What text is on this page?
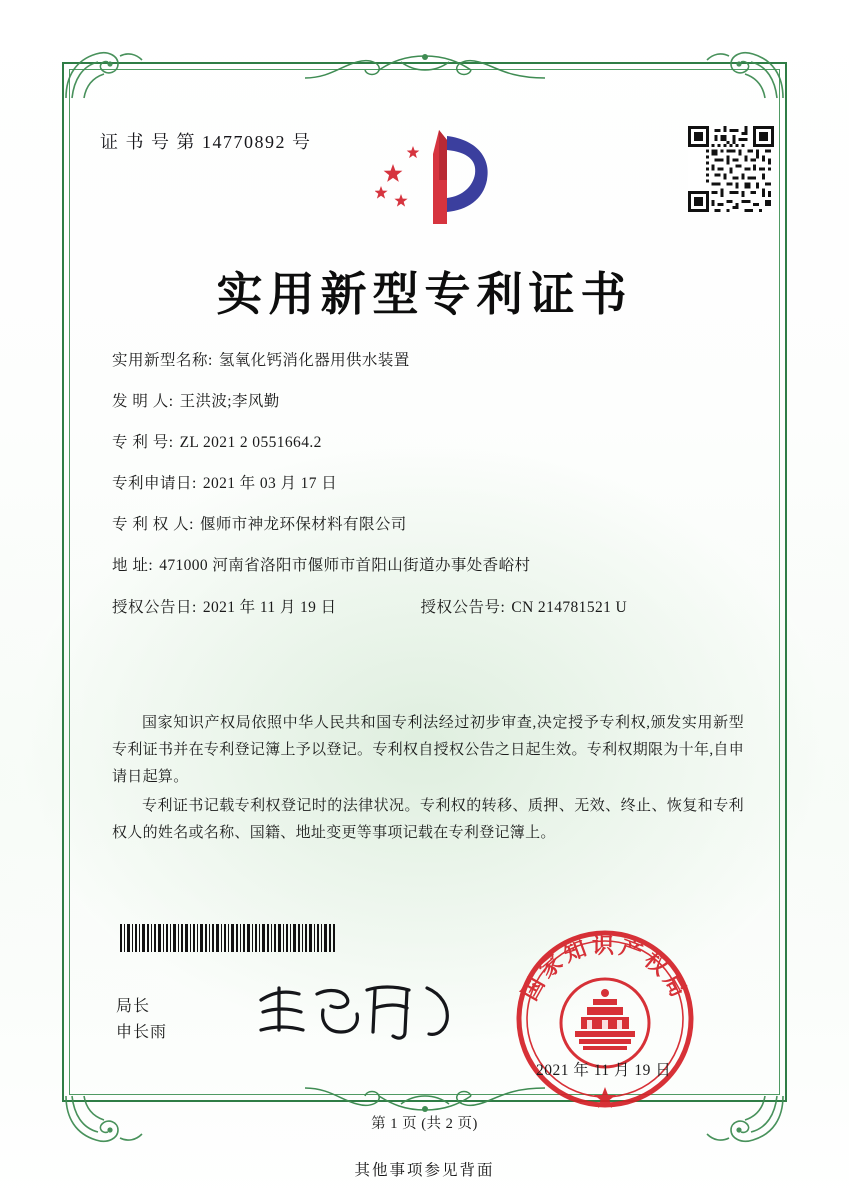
证 书 号 第 14770892 号
实用新型专利证书
实用新型名称: 氢氧化钙消化器用供水装置
发 明 人: 王洪波;李风勤
专 利 号: ZL 2021 2 0551664.2
专利申请日: 2021 年 03 月 17 日
专 利 权 人: 偃师市神龙环保材料有限公司
地 址: 471000 河南省洛阳市偃师市首阳山街道办事处香峪村
授权公告日: 2021 年 11 月 19 日	授权公告号: CN 214781521 U

国家知识产权局依照中华人民共和国专利法经过初步审查,决定授予专利权,颁发实用新型专利证书并在专利登记簿上予以登记。专利权自授权公告之日起生效。专利权期限为十年,自申请日起算。

专利证书记载专利权登记时的法律状况。专利权的转移、质押、无效、终止、恢复和专利权人的姓名或名称、国籍、地址变更等事项记载在专利登记簿上。

局长
申长雨
国家知识产权局
2021 年 11 月 19 日
第 1 页 (共 2 页)
其他事项参见背面
